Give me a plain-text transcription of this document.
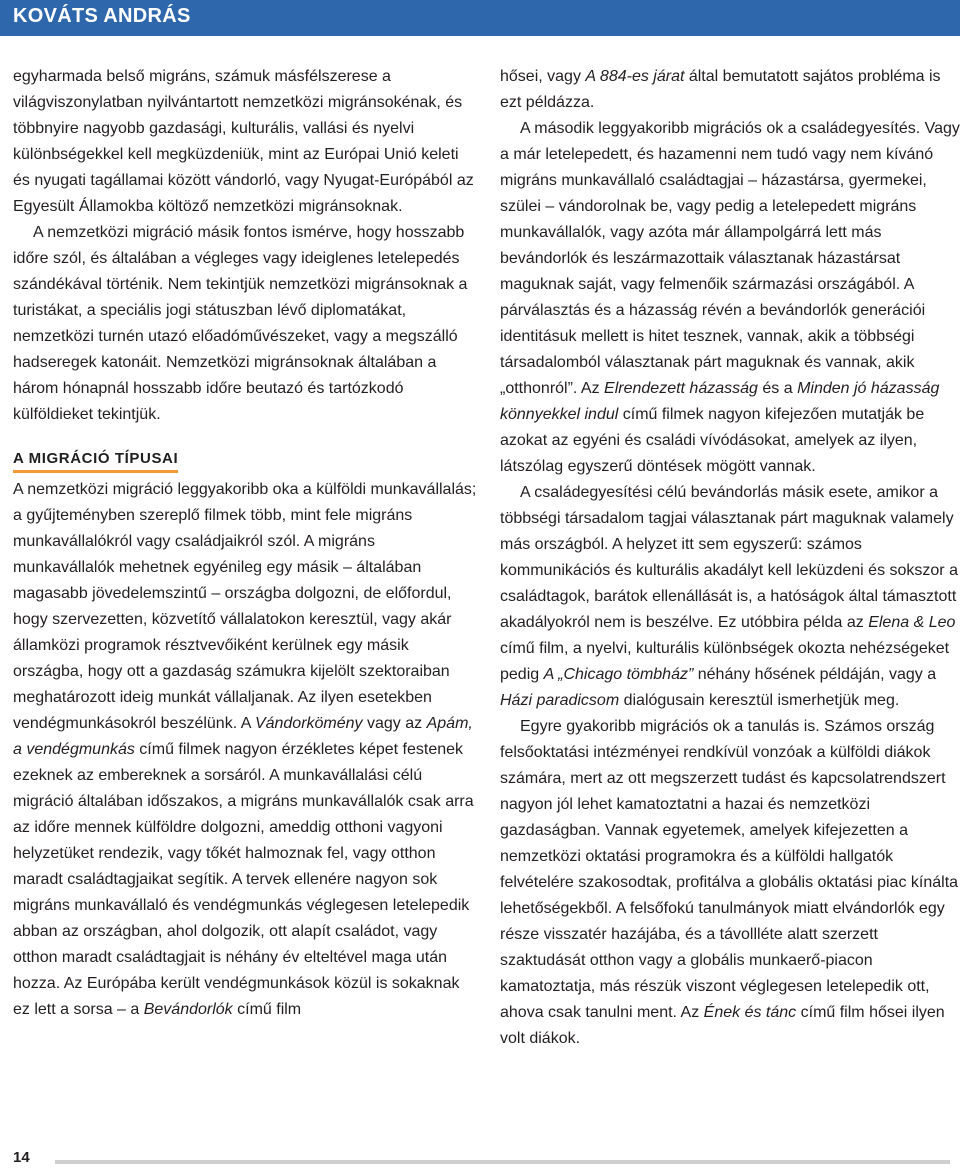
KOVÁTS ANDRÁS

egyharmada belső migráns, számuk másfélszerese a világviszonylatban nyilvántartott nemzetközi migránsokénak, és többnyire nagyobb gazdasági, kulturális, vallási és nyelvi különbségekkel kell megküzdeniük, mint az Európai Unió keleti és nyugati tagállamai között vándorló, vagy Nyugat-Európából az Egyesült Államokba költöző nemzetközi migránsoknak.

A nemzetközi migráció másik fontos ismérve, hogy hosszabb időre szól, és általában a végleges vagy ideiglenes letelepedés szándékával történik. Nem tekintjük nemzetközi migránsoknak a turistákat, a speciális jogi státuszban lévő diplomatákat, nemzetközi turnén utazó előadóművészeket, vagy a megszálló hadseregek katonáit. Nemzetközi migránsoknak általában a három hónapnál hosszabb időre beutazó és tartózkodó külföldieket tekintjük.

A MIGRÁCIÓ TÍPUSAI

A nemzetközi migráció leggyakoribb oka a külföldi munkavállalás; a gyűjteményben szereplő filmek több, mint fele migráns munkavállalókról vagy családjaikról szól. A migráns munkavállalók mehetnek egyénileg egy másik – általában magasabb jövedelemszintű – országba dolgozni, de előfordul, hogy szervezetten, közvetítő vállalatokon keresztül, vagy akár államközi programok résztvevőiként kerülnek egy másik országba, hogy ott a gazdaság számukra kijelölt szektoraiban meghatározott ideig munkát vállaljanak. Az ilyen esetekben vendégmunkásokról beszélünk. A Vándorkömény vagy az Apám, a vendégmunkás című filmek nagyon érzékletes képet festenek ezeknek az embereknek a sorsáról. A munkavállalási célú migráció általában időszakos, a migráns munkavállalók csak arra az időre mennek külföldre dolgozni, ameddig otthoni vagyoni helyzetüket rendezik, vagy tőkét halmoznak fel, vagy otthon maradt családtagjaikat segítik. A tervek ellenére nagyon sok migráns munkavállaló és vendégmunkás véglegesen letelepedik abban az országban, ahol dolgozik, ott alapít családot, vagy otthon maradt családtagjait is néhány év elteltével maga után hozza. Az Európába került vendégmunkások közül is sokaknak ez lett a sorsa – a Bevándorlók című film

hősei, vagy A 884-es járat által bemutatott sajátos probléma is ezt példázza.

A második leggyakoribb migrációs ok a családegyesítés. Vagy a már letelepedett, és hazamenni nem tudó vagy nem kívánó migráns munkavállaló családtagjai – házastársa, gyermekei, szülei – vándorolnak be, vagy pedig a letelepedett migráns munkavállalók, vagy azóta már állampolgárrá lett más bevándorlók és leszármazottaik választanak házastársat maguknak saját, vagy felmenőik származási országából. A párválasztás és a házasság révén a bevándorlók generációi identitásuk mellett is hitet tesznek, vannak, akik a többségi társadalomból választanak párt maguknak és vannak, akik „otthonról”. Az Elrendezett házasság és a Minden jó házasság könnyekkel indul című filmek nagyon kifejezően mutatják be azokat az egyéni és családi vívódásokat, amelyek az ilyen, látszólag egyszerű döntések mögött vannak.

A családegyesítési célú bevándorlás másik esete, amikor a többségi társadalom tagjai választanak párt maguknak valamely más országból. A helyzet itt sem egyszerű: számos kommunikációs és kulturális akadályt kell leküzdeni és sokszor a családtagok, barátok ellenállását is, a hatóságok által támasztott akadályokról nem is beszélve. Ez utóbbira példa az Elena & Leo című film, a nyelvi, kulturális különbségek okozta nehézségeket pedig A „Chicago tömbház” néhány hősének példáján, vagy a Házi paradicsom dialógusain keresztül ismerhetjük meg.

Egyre gyakoribb migrációs ok a tanulás is. Számos ország felsőoktatási intézményei rendkívül vonzóak a külföldi diákok számára, mert az ott megszerzett tudást és kapcsolatrendszert nagyon jól lehet kamatoztatni a hazai és nemzetközi gazdaságban. Vannak egyetemek, amelyek kifejezetten a nemzetközi oktatási programokra és a külföldi hallgatók felvételére szakosodtak, profitálva a globális oktatási piac kínálta lehetőségekből. A felsőfokú tanulmányok miatt elvándorlók egy része visszatér hazájába, és a távollléte alatt szerzett szaktudását otthon vagy a globális munkaerő-piacon kamatoztatja, más részük viszont véglegesen letelepedik ott, ahova csak tanulni ment. Az Ének és tánc című film hősei ilyen volt diákok.

14
